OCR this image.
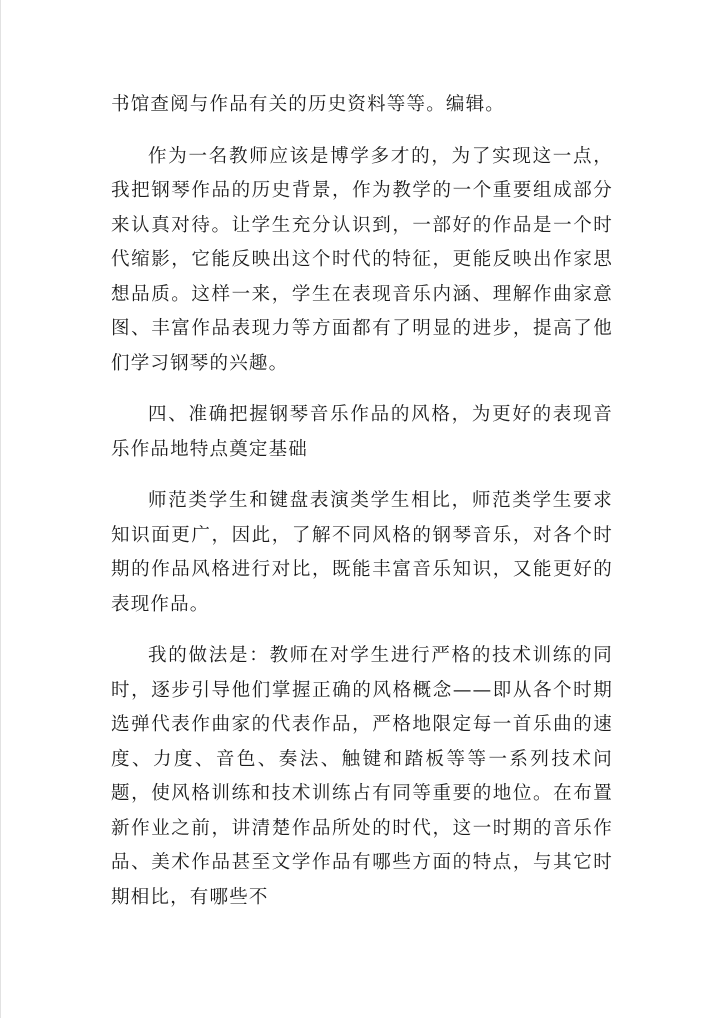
书馆查阅与作品有关的历史资料等等。编辑。

作为一名教师应该是博学多才的，为了实现这一点，我把钢琴作品的历史背景，作为教学的一个重要组成部分来认真对待。让学生充分认识到，一部好的作品是一个时代缩影，它能反映出这个时代的特征，更能反映出作家思想品质。这样一来，学生在表现音乐内涵、理解作曲家意图、丰富作品表现力等方面都有了明显的进步，提高了他们学习钢琴的兴趣。

四、准确把握钢琴音乐作品的风格，为更好的表现音乐作品地特点奠定基础

师范类学生和键盘表演类学生相比，师范类学生要求知识面更广，因此，了解不同风格的钢琴音乐，对各个时期的作品风格进行对比，既能丰富音乐知识，又能更好的表现作品。

我的做法是：教师在对学生进行严格的技术训练的同时，逐步引导他们掌握正确的风格概念——即从各个时期选弹代表作曲家的代表作品，严格地限定每一首乐曲的速度、力度、音色、奏法、触键和踏板等等一系列技术问题，使风格训练和技术训练占有同等重要的地位。在布置新作业之前，讲清楚作品所处的时代，这一时期的音乐作品、美术作品甚至文学作品有哪些方面的特点，与其它时期相比，有哪些不
